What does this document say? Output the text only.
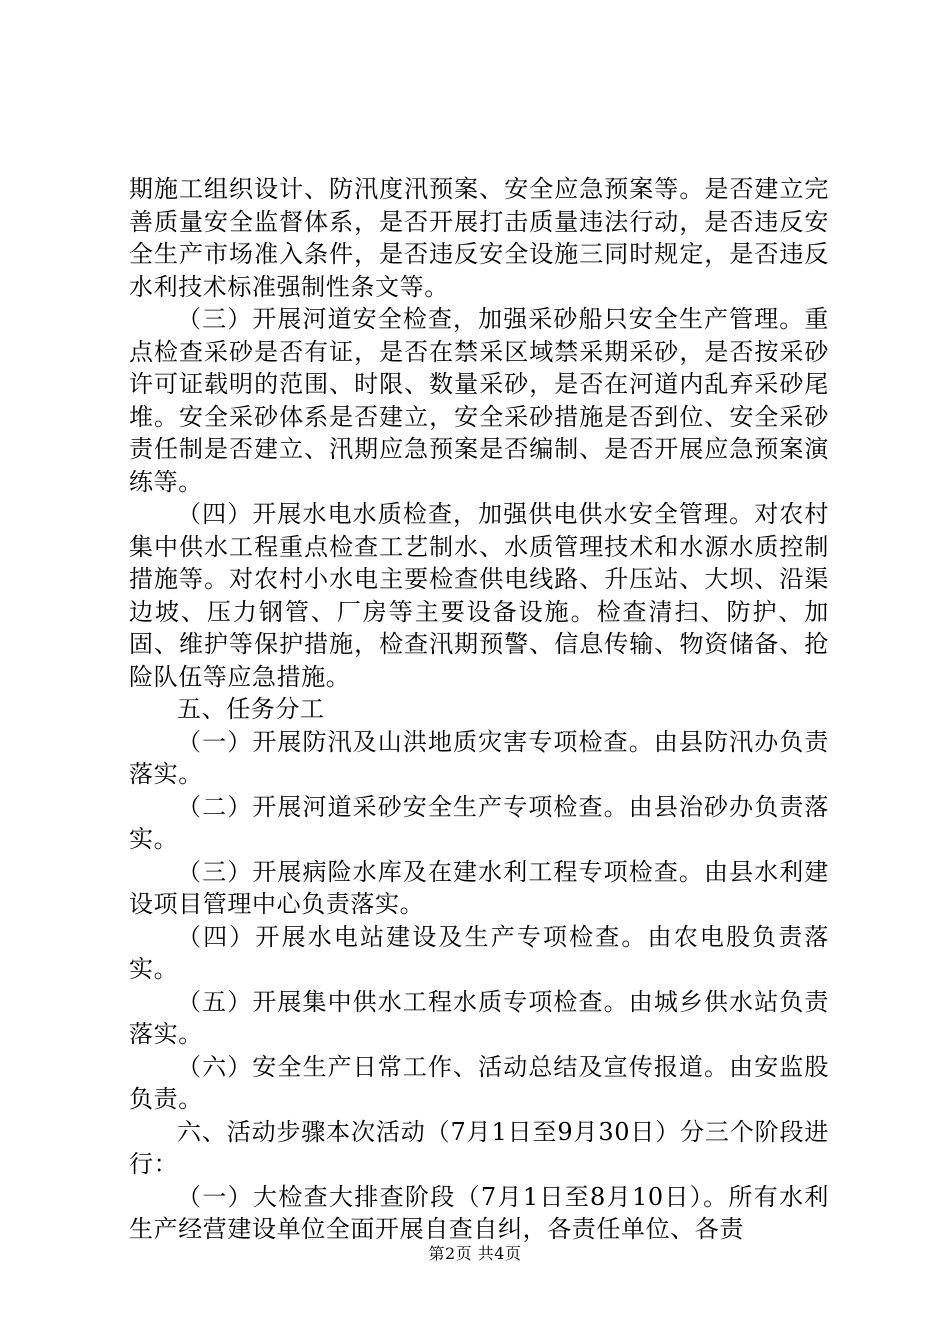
期施工组织设计、防汛度汛预案、安全应急预案等。是否建立完善质量安全监督体系，是否开展打击质量违法行动，是否违反安全生产市场准入条件，是否违反安全设施三同时规定，是否违反水利技术标准强制性条文等。

（三）开展河道安全检查，加强采砂船只安全生产管理。重点检查采砂是否有证，是否在禁采区域禁采期采砂，是否按采砂许可证载明的范围、时限、数量采砂，是否在河道内乱弃采砂尾堆。安全采砂体系是否建立，安全采砂措施是否到位、安全采砂责任制是否建立、汛期应急预案是否编制、是否开展应急预案演练等。

（四）开展水电水质检查，加强供电供水安全管理。对农村集中供水工程重点检查工艺制水、水质管理技术和水源水质控制措施等。对农村小水电主要检查供电线路、升压站、大坝、沿渠边坡、压力钢管、厂房等主要设备设施。检查清扫、防护、加固、维护等保护措施，检查汛期预警、信息传输、物资储备、抢险队伍等应急措施。

五、任务分工

（一）开展防汛及山洪地质灾害专项检查。由县防汛办负责落实。

（二）开展河道采砂安全生产专项检查。由县治砂办负责落实。

（三）开展病险水库及在建水利工程专项检查。由县水利建设项目管理中心负责落实。

（四）开展水电站建设及生产专项检查。由农电股负责落实。

（五）开展集中供水工程水质专项检查。由城乡供水站负责落实。

（六）安全生产日常工作、活动总结及宣传报道。由安监股负责。

六、活动步骤本次活动（7月1日至9月30日）分三个阶段进行：

（一）大检查大排查阶段（7月1日至8月10日）。所有水利生产经营建设单位全面开展自查自纠，各责任单位、各责

第2页 共4页
